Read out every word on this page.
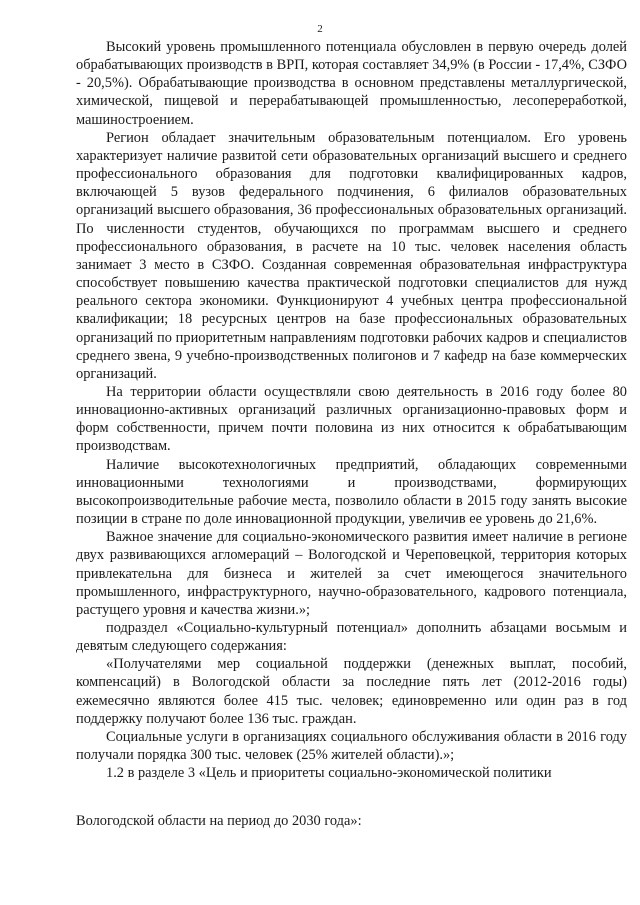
2

Высокий уровень промышленного потенциала обусловлен в первую очередь долей обрабатывающих производств в ВРП, которая составляет 34,9% (в России - 17,4%, СЗФО - 20,5%). Обрабатывающие производства в основном представлены металлургической, химической, пищевой и перерабатывающей промышленностью, лесопереработкой, машиностроением.

Регион обладает значительным образовательным потенциалом. Его уровень характеризует наличие развитой сети образовательных организаций высшего и среднего профессионального образования для подготовки квалифицированных кадров, включающей 5 вузов федерального подчинения, 6 филиалов образовательных организаций высшего образования, 36 профессиональных образовательных организаций. По численности студентов, обучающихся по программам высшего и среднего профессионального образования, в расчете на 10 тыс. человек населения область занимает 3 место в СЗФО. Созданная современная образовательная инфраструктура способствует повышению качества практической подготовки специалистов для нужд реального сектора экономики. Функционируют 4 учебных центра профессиональной квалификации; 18 ресурсных центров на базе профессиональных образовательных организаций по приоритетным направлениям подготовки рабочих кадров и специалистов среднего звена, 9 учебно-производственных полигонов и 7 кафедр на базе коммерческих организаций.

На территории области осуществляли свою деятельность в 2016 году более 80 инновационно-активных организаций различных организационно-правовых форм и форм собственности, причем почти половина из них относится к обрабатывающим производствам.

Наличие высокотехнологичных предприятий, обладающих современными инновационными технологиями и производствами, формирующих высокопроизводительные рабочие места, позволило области в 2015 году занять высокие позиции в стране по доле инновационной продукции, увеличив ее уровень до 21,6%.

Важное значение для социально-экономического развития имеет наличие в регионе двух развивающихся агломераций – Вологодской и Череповецкой, территория которых привлекательна для бизнеса и жителей за счет имеющегося значительного промышленного, инфраструктурного, научно-образовательного, кадрового потенциала, растущего уровня и качества жизни.»;

подраздел «Социально-культурный потенциал» дополнить абзацами восьмым и девятым следующего содержания:

«Получателями мер социальной поддержки (денежных выплат, пособий, компенсаций) в Вологодской области за последние пять лет (2012-2016 годы) ежемесячно являются более 415 тыс. человек; единовременно или один раз в год поддержку получают более 136 тыс. граждан.

Социальные услуги в организациях социального обслуживания области в 2016 году получали порядка 300 тыс. человек (25% жителей области).»;

1.2 в разделе 3 «Цель и приоритеты социально-экономической политики

Вологодской области на период до 2030 года»:
